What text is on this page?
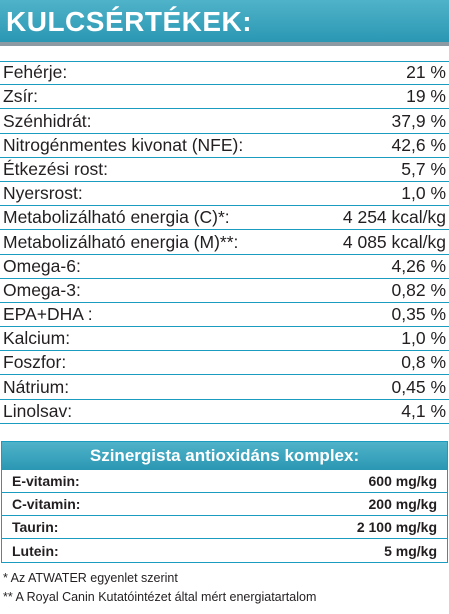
KULCSÉRTÉKEK:
Fehérje:	21 %
Zsír:	19 %
Szénhidrát:	37,9 %
Nitrogénmentes kivonat (NFE):	42,6 %
Étkezési rost:	5,7 %
Nyersrost:	1,0 %
Metabolizálható energia (C)*:	4 254 kcal/kg
Metabolizálható energia (M)**:	4 085 kcal/kg
Omega-6:	4,26 %
Omega-3:	0,82 %
EPA+DHA :	0,35 %
Kalcium:	1,0 %
Foszfor:	0,8 %
Nátrium:	0,45 %
Linolsav:	4,1 %
Szinergista antioxidáns komplex:
E-vitamin:	600 mg/kg
C-vitamin:	200 mg/kg
Taurin:	2 100 mg/kg
Lutein:	5 mg/kg
* Az ATWATER egyenlet szerint
** A Royal Canin Kutatóintézet által mért energiatartalom
